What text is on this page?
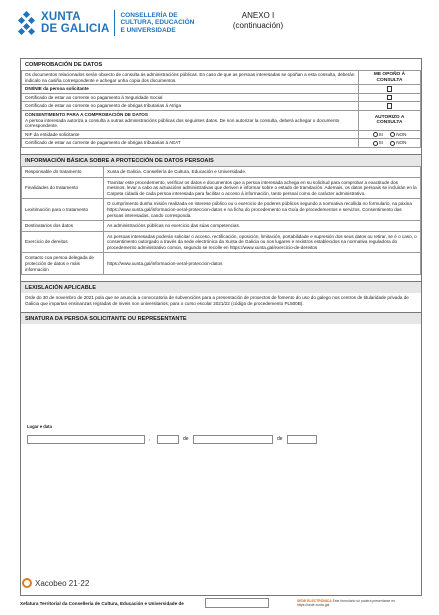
XUNTA
DE GALICIA
CONSELLERÍA DE
CULTURA, EDUCACIÓN
E UNIVERSIDADE
ANEXO I
(continuación)
COMPROBACIÓN DE DATOS
Os documentos relacionados serán obxecto de consulta ás administracións públicas. En caso de que as persoas interesadas se opoñan a esta consulta, deberán indicalo na casiña correspondente e achegar unha copia dos documentos.	ME OPOÑO Á CONSULTA
DNI/NIE da persoa solicitante	
Certificado de estar ao corrente no pagamento á Seguridade Social	
Certificado de estar ao corrente no pagamento de obrigas tributarias á Atriga	

CONSENTIMENTO PARA A COMPROBACIÓN DE DATOS
A persoa interesada autoriza a consulta a outras administracións públicas dos seguintes datos. De non autorizar la consulta, deberá achegar o documento correspondente.	AUTORIZO A CONSULTA
NIF da entidade solicitante	SI NON
Certificado de estar ao corrente de pagamento de obrigas tributarias á AEAT	SI NON
INFORMACIÓN BÁSICA SOBRE A PROTECCIÓN DE DATOS PERSOAIS
Responsable do tratamento	Xunta de Galicia. Consellería de Cultura, Educación e Universidade.
Finalidades do tratamento	Tramitar este procedemento, verificar os datos e documentos que a persoa interesada achega en su solicitud para comprobar a exactitude dos mesmos, levar a cabo as actuacións administrativas que deriven e informar sobre o estado de tramitación. Ademais, os datos persoais se incluirán en la Carpeta cidadá de cada persoa interesada para facilitar o acceso á información, tanto persoal como de carácter administrativo.
Lexitimación para o tratamento	O cumprimento dunha misión realizada en interese público ou o exercicio de poderes públicos segundo a normativa recollida no formulario, na páxina https://www.xunta.gal/informacion-xeral-proteccion-datos e na ficha do procedemento na Guía de procedementos e servizos. Consentimento das persoas interesadas, cando corresponda.
Destinatarios dos datos	As administracións públicas no exercicio das súas competencias.
Exercicio de dereitos	As persoas interesadas poderán solicitar o acceso, rectificación, oposición, limitación, portabilidade e supresión dos seus datos ou retirar, se é o caso, o consentimento outorgado a través da sede electrónica da Xunta de Galicia ou nos lugares e rexistros establecidos na normativa reguladora do procedemento administrativo común, segundo se recolle en https://www.xunta.gal/exercicio-de-dereitos
Contacto coa persoa delegada de protección de datos e máis información	https://www.xunta.gal/informacion-xeral-proteccion-datos
LEXISLACIÓN APLICABLE
Orde do 30 de novembro de 2021 pola que se anuncia a convocatoria de subvencións para a presentación de proxectos de fomento do uso do galego nos centros de titularidade privada de Galicia que impartan ensinanzas regradas de niveis non universitarios, para o curso escolar 2021/22 (código de procedemento PL500B).
SINATURA DA PERSOA SOLICITANTE OU REPRESENTANTE
Lugar e data
,	de	de
Xacobeo 21·22
Xefatura Territorial da Consellería de Cultura, Educación e Universidade de	SEDE ELECTRÓNICA Este formulario só poderá presentarse en https://sede.xunta.gal
